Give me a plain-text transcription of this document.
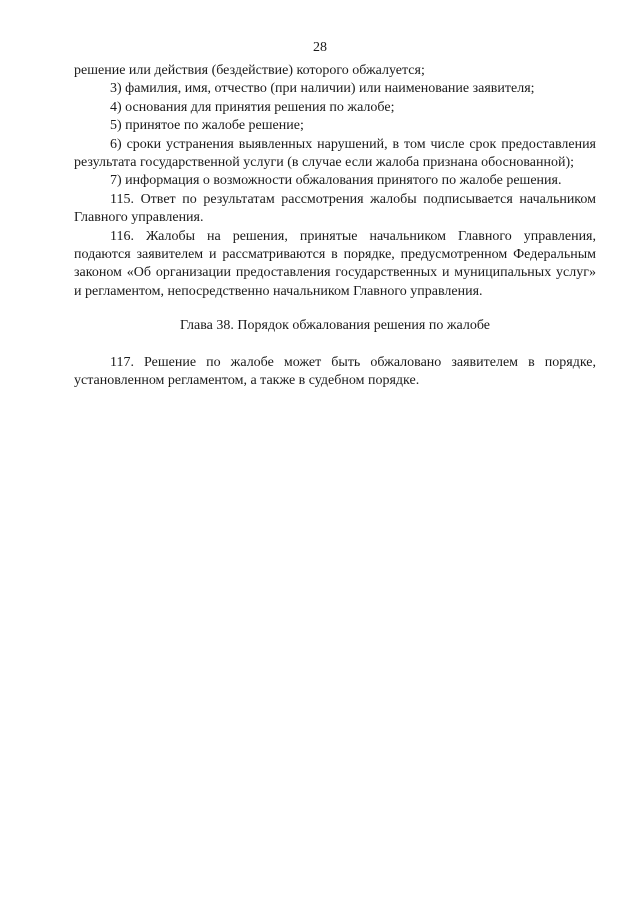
28

решение или действия (бездействие) которого обжалуется;

3) фамилия, имя, отчество (при наличии) или наименование заявителя;

4) основания для принятия решения по жалобе;

5) принятое по жалобе решение;

6) сроки устранения выявленных нарушений, в том числе срок предоставления результата государственной услуги (в случае если жалоба признана обоснованной);

7) информация о возможности обжалования принятого по жалобе решения.

115. Ответ по результатам рассмотрения жалобы подписывается начальником Главного управления.

116. Жалобы на решения, принятые начальником Главного управления, подаются заявителем и рассматриваются в порядке, предусмотренном Федеральным законом «Об организации предоставления государственных и муниципальных услуг» и регламентом, непосредственно начальником Главного управления.

Глава 38. Порядок обжалования решения по жалобе

117. Решение по жалобе может быть обжаловано заявителем в порядке, установленном регламентом, а также в судебном порядке.
